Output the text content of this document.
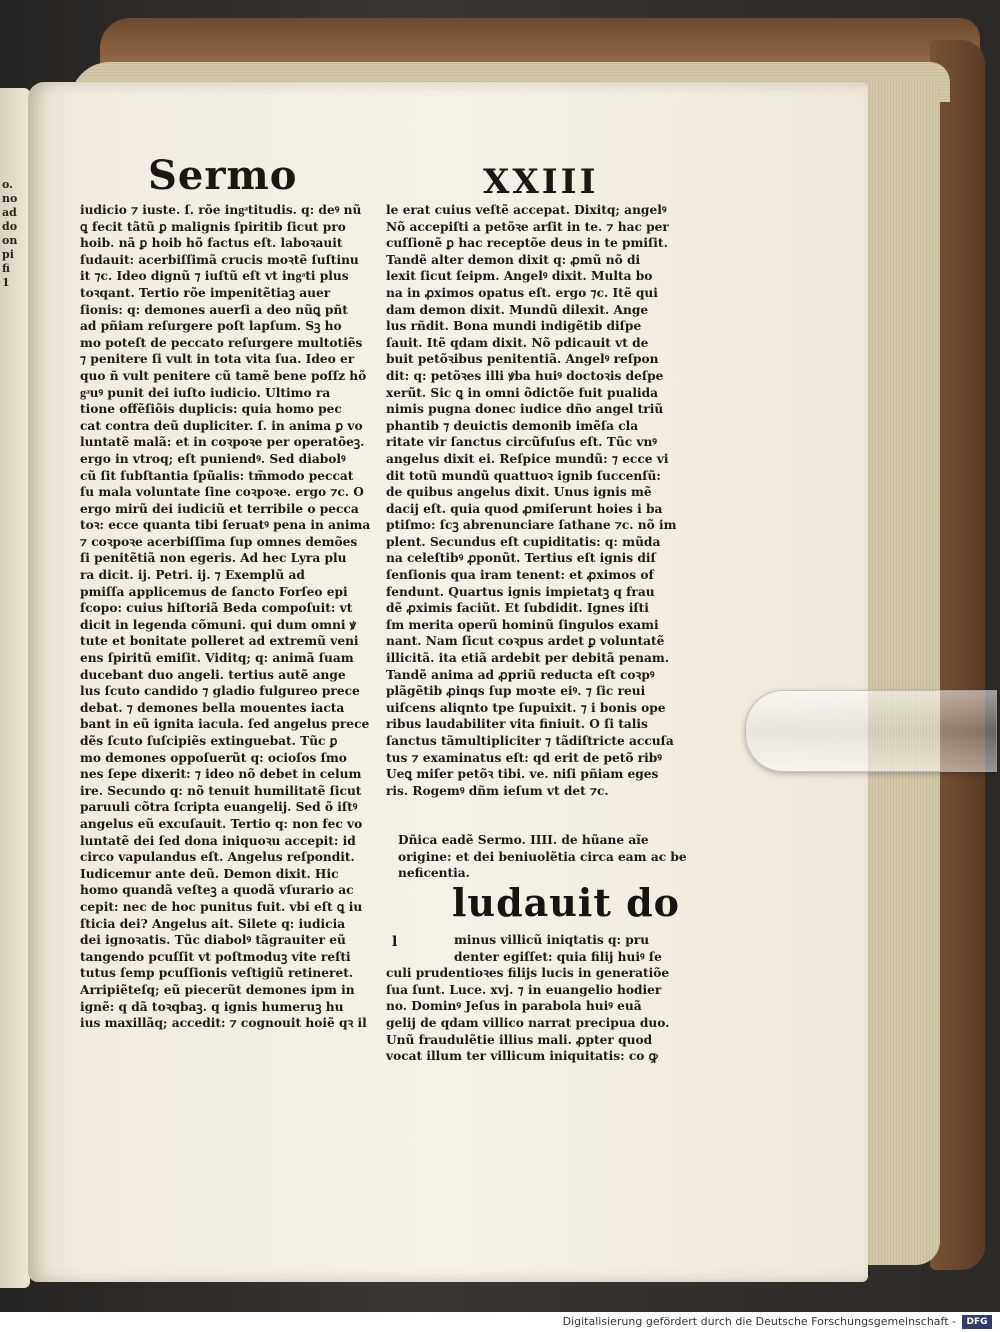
o.
no
ad
do
on
pi
fi
1
Sermo	XXIII
iudicio ⁊ iuste. ſ. rõe ingͣtitudis. q: deꝰ nũ
ꝗ fecit tãtũ ꝑ malignis ſpiritib ſicut pro
hoib. nã ꝑ hoib hõ factus eſt. laboꝛauit
ſudauit: acerbiſſimã crucis moꝛtẽ ſuſtinu
it ⁊c. Ideo dignũ ⁊ iuſtũ eſt vt ingͣti plus
toꝛqant. Tertio rõe impenitẽtiaꝫ auer
ſionis: q: demones auerſi a deo nũꝗ pñt
ad pñiam reſurgere poſt lapſum. Sꝫ ho
mo poteſt de peccato reſurgere multotiẽs
⁊ penitere ſi vult in tota vita ſua. Ideo er
quo ñ vult penitere cũ tamẽ bene poſſz hõ
gͣuꝰ punit dei iuſto iudicio. Ultimo ra
tione offẽſiõis duplicis: quia homo pec
cat contra deũ dupliciter. ſ. in anima ꝑ vo
luntatẽ malã: et in coꝛpoꝛe per operatõeꝫ.
ergo in vtroq; eſt puniendꝰ. Sed diabolꝰ
cũ ſit ſubſtantia ſpũalis: tm̃modo peccat
ſu mala voluntate ſine coꝛpoꝛe. ergo ⁊c. O
ergo mirũ dei iudiciũ et terribile o pecca
toꝛ: ecce quanta tibi ſeruatꝰ pena in anima
⁊ coꝛpoꝛe acerbiſſima ſup omnes demões
ſi penitẽtiã non egeris. Ad hec Lyra plu
ra dicit. ij. Petri. ij. ⁊ Exemplũ ad
pmiſſa applicemus de ſancto Forſeo epi
ſcopo: cuius hiſtoriã Beda compoſuit: vt
dicit in legenda cõmuni. qui dum omni ꝟ
tute et bonitate polleret ad extremũ veni
ens ſpiritũ emiſit. Viditq; q: animã ſuam
ducebant duo angeli. tertius autẽ ange
lus ſcuto candido ⁊ gladio fulgureo prece
debat. ⁊ demones bella mouentes iacta
bant in eũ ignita iacula. ſed angelus prece
dẽs ſcuto ſuſcipiẽs extinguebat. Tũc ꝑ
mo demones oppoſuerũt q: ocioſos ſmo
nes ſepe dixerit: ⁊ ideo nõ debet in celum
ire. Secundo q: nõ tenuit humilitatẽ ſicut
paruuli cõtra ſcripta euangelij. Sed õ iſtꝰ
angelus eũ excuſauit. Tertio q: non fec vo
luntatẽ dei ſed dona iniquoꝛu accepit: id
circo vapulandus eſt. Angelus reſpondit.
Iudicemur ante deũ. Demon dixit. Hic
homo quandã veſteꝫ a quodã vſurario ac
cepit: nec de hoc punitus fuit. vbi eſt ꝗ iu
ſticia dei? Angelus ait. Silete q: iudicia
dei ignoꝛatis. Tũc diabolꝰ tãgrauiter eũ
tangendo pcuſſit vt poſtmoduꝫ vite reſti
tutus ſemp pcuſſionis veſtigiũ retineret.
Arripiẽteſq; eũ piecerũt demones ipm in
ignẽ: q dã toꝛqbaꝫ. q ignis humeruꝫ hu
ius maxillãq; accedit: ⁊ cognouit hoiẽ qꝛ il
le erat cuius veſtẽ accepat. Dixitq; angelꝰ
Nõ accepiſti a petõꝛe arſit in te. ⁊ hac per
cuſſionẽ ꝑ hac receptõe deus in te pmiſit.
Tandẽ alter demon dixit q: ꝓmũ nõ di
lexit ſicut ſeipm. Angelꝰ dixit. Multa bo
na in ꝓximos opatus eſt. ergo ⁊c. Itẽ qui
dam demon dixit. Mundũ dilexit. Ange
lus rñdit. Bona mundi indigẽtib diſpe
ſauit. Itẽ qdam dixit. Nõ pdicauit vt de
buit petõꝛibus penitentiã. Angelꝰ reſpon
dit: q: petõꝛes illi ꝟba huiꝰ doctoꝛis deſpe
xerũt. Sic ꝗ in omni õdictõe fuit pualida
nimis pugna donec iudice dño angel triũ
phantib ⁊ deuictis demonib imẽſa cla
ritate vir ſanctus circũfuſus eſt. Tũc vnꝰ
angelus dixit ei. Reſpice mundũ: ⁊ ecce vi
dit totũ mundũ quattuoꝛ ignib ſuccenſũ:
de quibus angelus dixit. Unus ignis mẽ
dacij eſt. quia quod ꝓmiſerunt hoies i ba
ptiſmo: ſcꝫ abrenunciare ſathane ⁊c. nõ im
plent. Secundus eſt cupiditatis: q: mũda
na celeſtibꝰ ꝓponũt. Tertius eſt ignis diſ
ſenſionis qua iram tenent: et ꝓximos of
fendunt. Quartus ignis impietatꝫ q frau
dẽ ꝓximis faciũt. Et ſubdidit. Ignes iſti
ſm merita operũ hominũ ſingulos exami
nant. Nam ſicut coꝛpus ardet ꝑ voluntatẽ
illicitã. ita etiã ardebit per debitã penam.
Tandẽ anima ad ꝓpriũ reducta eſt coꝛpꝰ
plãgẽtib ꝓinqs ſup moꝛte eiꝰ. ⁊ ſic reui
uiſcens aliqnto tpe ſupuixit. ⁊ i bonis ope
ribus laudabiliter vita finiuit. O ſi talis
ſanctus tãmultipliciter ⁊ tãdiſtricte accuſa
tus ⁊ examinatus eſt: qd erit de petõ ribꝰ
Ueꝗ miſer petõꝛ tibi. ve. niſi pñiam eges
ris. Rogemꝰ dñm ieſum vt det ⁊c.
Dñica eadẽ Sermo. IIII. de hũane aĩe
origine: et dei beniuolẽtia circa eam ac be
neficentia.
ludauit do
l	minus villicũ iniqtatis q: pru
denter egiſſet: quia filij huiꝰ ſe
culi prudentioꝛes filijs lucis in generatiõe
ſua ſunt. Luce. xvj. ⁊ in euangelio hodier
no. Dominꝰ Jeſus in parabola huiꝰ euã
gelij de qdam villico narrat precipua duo.
Unũ fraudulẽtie illius mali. ꝓpter quod
vocat illum ter villicum iniquitatis: co ꝙ
Digitalisierung gefördert durch die Deutsche Forschungsgemeinschaft -	DFG
